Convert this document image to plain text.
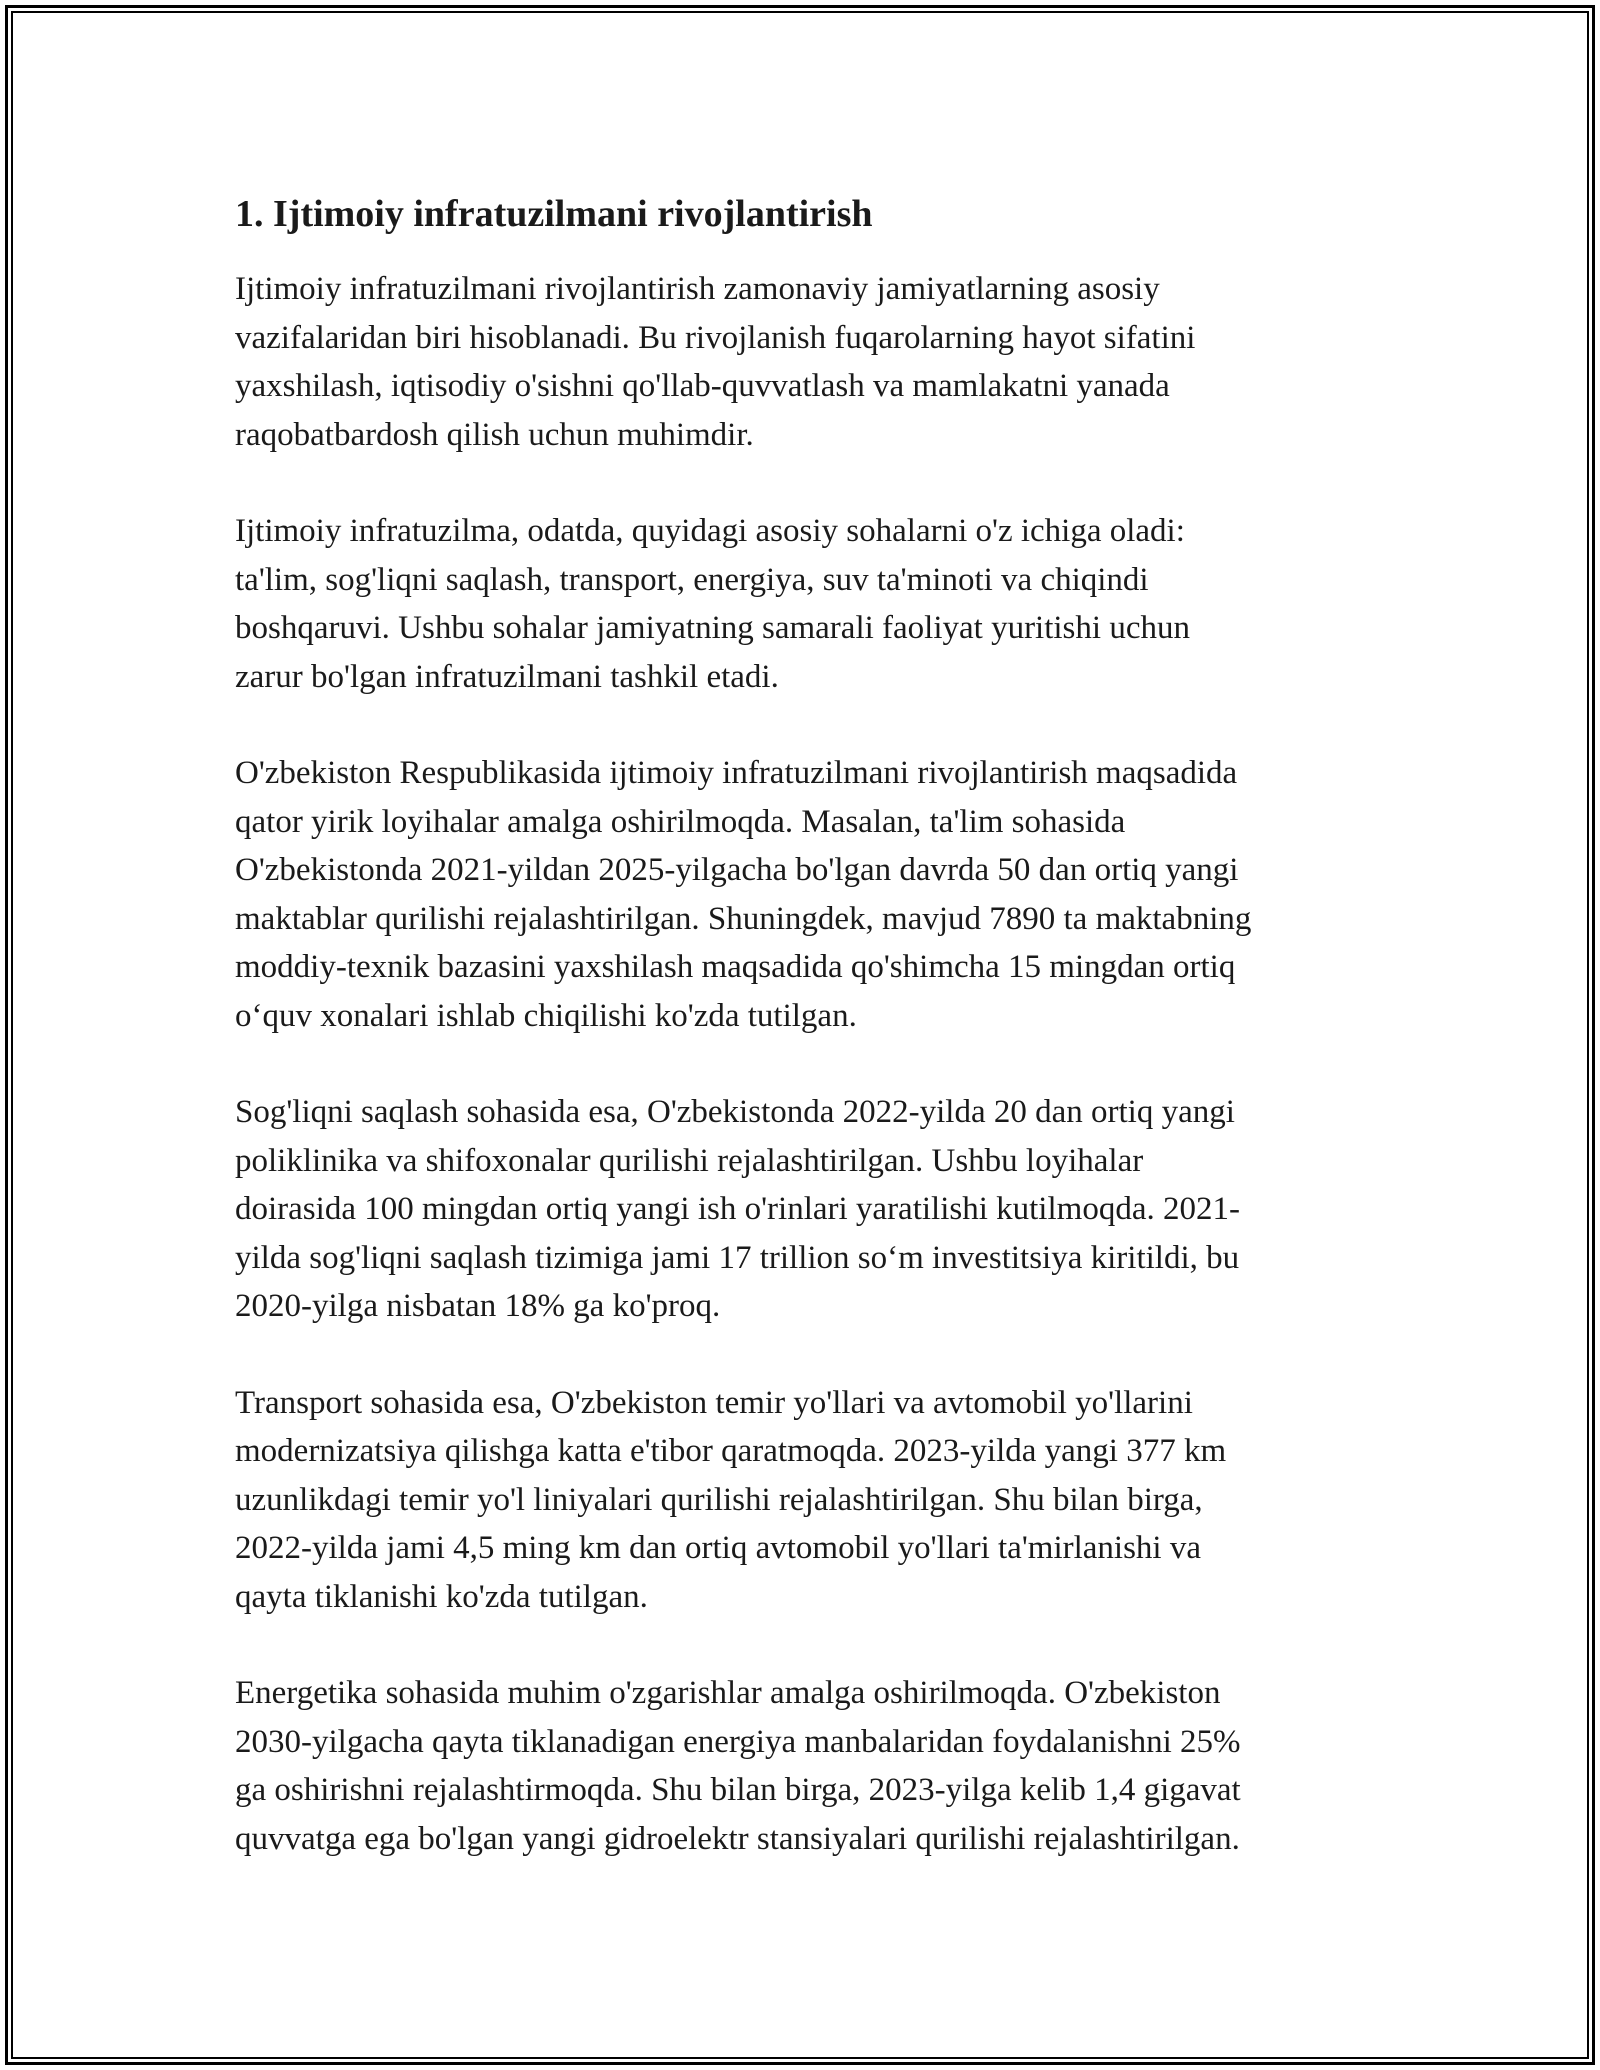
1. Ijtimoiy infratuzilmani rivojlantirish

Ijtimoiy infratuzilmani rivojlantirish zamonaviy jamiyatlarning asosiy
vazifalaridan biri hisoblanadi. Bu rivojlanish fuqarolarning hayot sifatini
yaxshilash, iqtisodiy o'sishni qo'llab-quvvatlash va mamlakatni yanada
raqobatbardosh qilish uchun muhimdir.

Ijtimoiy infratuzilma, odatda, quyidagi asosiy sohalarni o'z ichiga oladi:
ta'lim, sog'liqni saqlash, transport, energiya, suv ta'minoti va chiqindi
boshqaruvi. Ushbu sohalar jamiyatning samarali faoliyat yuritishi uchun
zarur bo'lgan infratuzilmani tashkil etadi.

O'zbekiston Respublikasida ijtimoiy infratuzilmani rivojlantirish maqsadida
qator yirik loyihalar amalga oshirilmoqda. Masalan, ta'lim sohasida
O'zbekistonda 2021-yildan 2025-yilgacha bo'lgan davrda 50 dan ortiq yangi
maktablar qurilishi rejalashtirilgan. Shuningdek, mavjud 7890 ta maktabning
moddiy-texnik bazasini yaxshilash maqsadida qo'shimcha 15 mingdan ortiq
o‘quv xonalari ishlab chiqilishi ko'zda tutilgan.

Sog'liqni saqlash sohasida esa, O'zbekistonda 2022-yilda 20 dan ortiq yangi
poliklinika va shifoxonalar qurilishi rejalashtirilgan. Ushbu loyihalar
doirasida 100 mingdan ortiq yangi ish o'rinlari yaratilishi kutilmoqda. 2021-
yilda sog'liqni saqlash tizimiga jami 17 trillion so‘m investitsiya kiritildi, bu
2020-yilga nisbatan 18% ga ko'proq.

Transport sohasida esa, O'zbekiston temir yo'llari va avtomobil yo'llarini
modernizatsiya qilishga katta e'tibor qaratmoqda. 2023-yilda yangi 377 km
uzunlikdagi temir yo'l liniyalari qurilishi rejalashtirilgan. Shu bilan birga,
2022-yilda jami 4,5 ming km dan ortiq avtomobil yo'llari ta'mirlanishi va
qayta tiklanishi ko'zda tutilgan.

Energetika sohasida muhim o'zgarishlar amalga oshirilmoqda. O'zbekiston
2030-yilgacha qayta tiklanadigan energiya manbalaridan foydalanishni 25%
ga oshirishni rejalashtirmoqda. Shu bilan birga, 2023-yilga kelib 1,4 gigavat
quvvatga ega bo'lgan yangi gidroelektr stansiyalari qurilishi rejalashtirilgan.
